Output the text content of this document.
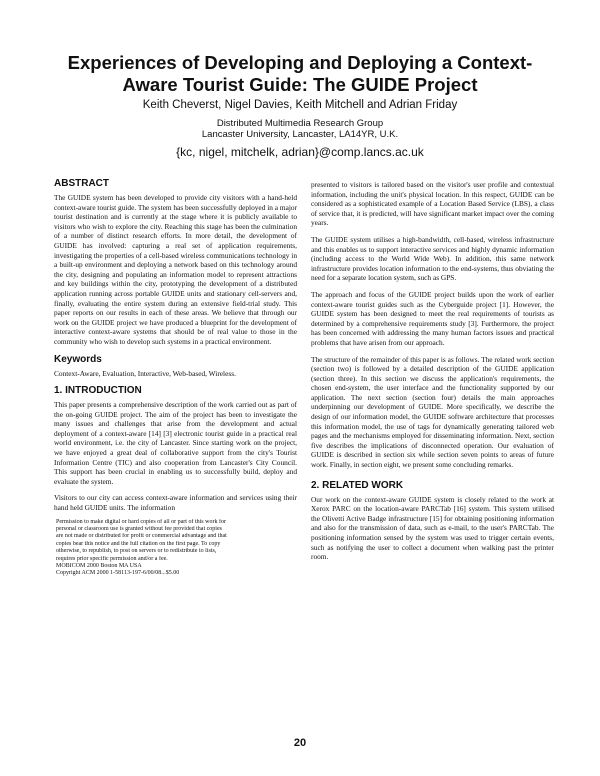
Experiences of Developing and Deploying a Context-Aware Tourist Guide: The GUIDE Project
Keith Cheverst, Nigel Davies, Keith Mitchell and Adrian Friday
Distributed Multimedia Research Group
Lancaster University, Lancaster, LA14YR, U.K.
{kc, nigel, mitchelk, adrian}@comp.lancs.ac.uk
ABSTRACT

The GUIDE system has been developed to provide city visitors with a hand-held context-aware tourist guide. The system has been successfully deployed in a major tourist destination and is currently at the stage where it is publicly available to visitors who wish to explore the city. Reaching this stage has been the culmination of a number of distinct research efforts. In more detail, the development of GUIDE has involved: capturing a real set of application requirements, investigating the properties of a cell-based wireless communications technology in a built-up environment and deploying a network based on this technology around the city, designing and populating an information model to represent attractions and key buildings within the city, prototyping the development of a distributed application running across portable GUIDE units and stationary cell-servers and, finally, evaluating the entire system during an extensive field-trial study. This paper reports on our results in each of these areas. We believe that through our work on the GUIDE project we have produced a blueprint for the development of interactive context-aware systems that should be of real value to those in the community who wish to develop such systems in a practical environment.

Keywords

Context-Aware, Evaluation, Interactive, Web-based, Wireless.

1. INTRODUCTION

This paper presents a comprehensive description of the work carried out as part of the on-going GUIDE project. The aim of the project has been to investigate the many issues and challenges that arise from the development and actual deployment of a context-aware [14] [3] electronic tourist guide in a practical real world environment, i.e. the city of Lancaster. Since starting work on the project, we have enjoyed a great deal of collaborative support from the city's Tourist Information Centre (TIC) and also cooperation from Lancaster's City Council. This support has been crucial in enabling us to successfully build, deploy and evaluate the system.

Visitors to our city can access context-aware information and services using their hand held GUIDE units. The information

Permission to make digital or hard copies of all or part of this work for
personal or classroom use is granted without fee provided that copies
are not made or distributed for profit or commercial advantage and that
copies bear this notice and the full citation on the first page. To copy
otherwise, to republish, to post on servers or to redistribute to lists,
requires prior specific permission and/or a fee.
MOBICOM 2000 Boston MA USA
Copyright ACM 2000 1-58113-197-6/00/08...$5.00

presented to visitors is tailored based on the visitor's user profile and contextual information, including the unit's physical location. In this respect, GUIDE can be considered as a sophisticated example of a Location Based Service (LBS), a class of service that, it is predicted, will have significant market impact over the coming years.

The GUIDE system utilises a high-bandwidth, cell-based, wireless infrastructure and this enables us to support interactive services and highly dynamic information (including access to the World Wide Web). In addition, this same network infrastructure provides location information to the end-systems, thus obviating the need for a separate location system, such as GPS.

The approach and focus of the GUIDE project builds upon the work of earlier context-aware tourist guides such as the Cyberguide project [1]. However, the GUIDE system has been designed to meet the real requirements of tourists as determined by a comprehensive requirements study [3]. Furthermore, the project has been concerned with addressing the many human factors issues and practical problems that have arisen from our approach.

The structure of the remainder of this paper is as follows. The related work section (section two) is followed by a detailed description of the GUIDE application (section three). In this section we discuss the application's requirements, the chosen end-system, the user interface and the functionality supported by our application. The next section (section four) details the main approaches underpinning our development of GUIDE. More specifically, we describe the design of our information model, the GUIDE software architecture that processes this information model, the use of tags for dynamically generating tailored web pages and the mechanisms employed for disseminating information. Next, section five describes the implications of disconnected operation. Our evaluation of GUIDE is described in section six while section seven points to areas of future work. Finally, in section eight, we present some concluding remarks.

2. RELATED WORK

Our work on the context-aware GUIDE system is closely related to the work at Xerox PARC on the location-aware PARCTab [16] system. This system utilised the Olivetti Active Badge infrastructure [15] for obtaining positioning information and also for the transmission of data, such as e-mail, to the user's PARCTab. The positioning information sensed by the system was used to trigger certain events, such as notifying the user to collect a document when walking past the printer room.

20
